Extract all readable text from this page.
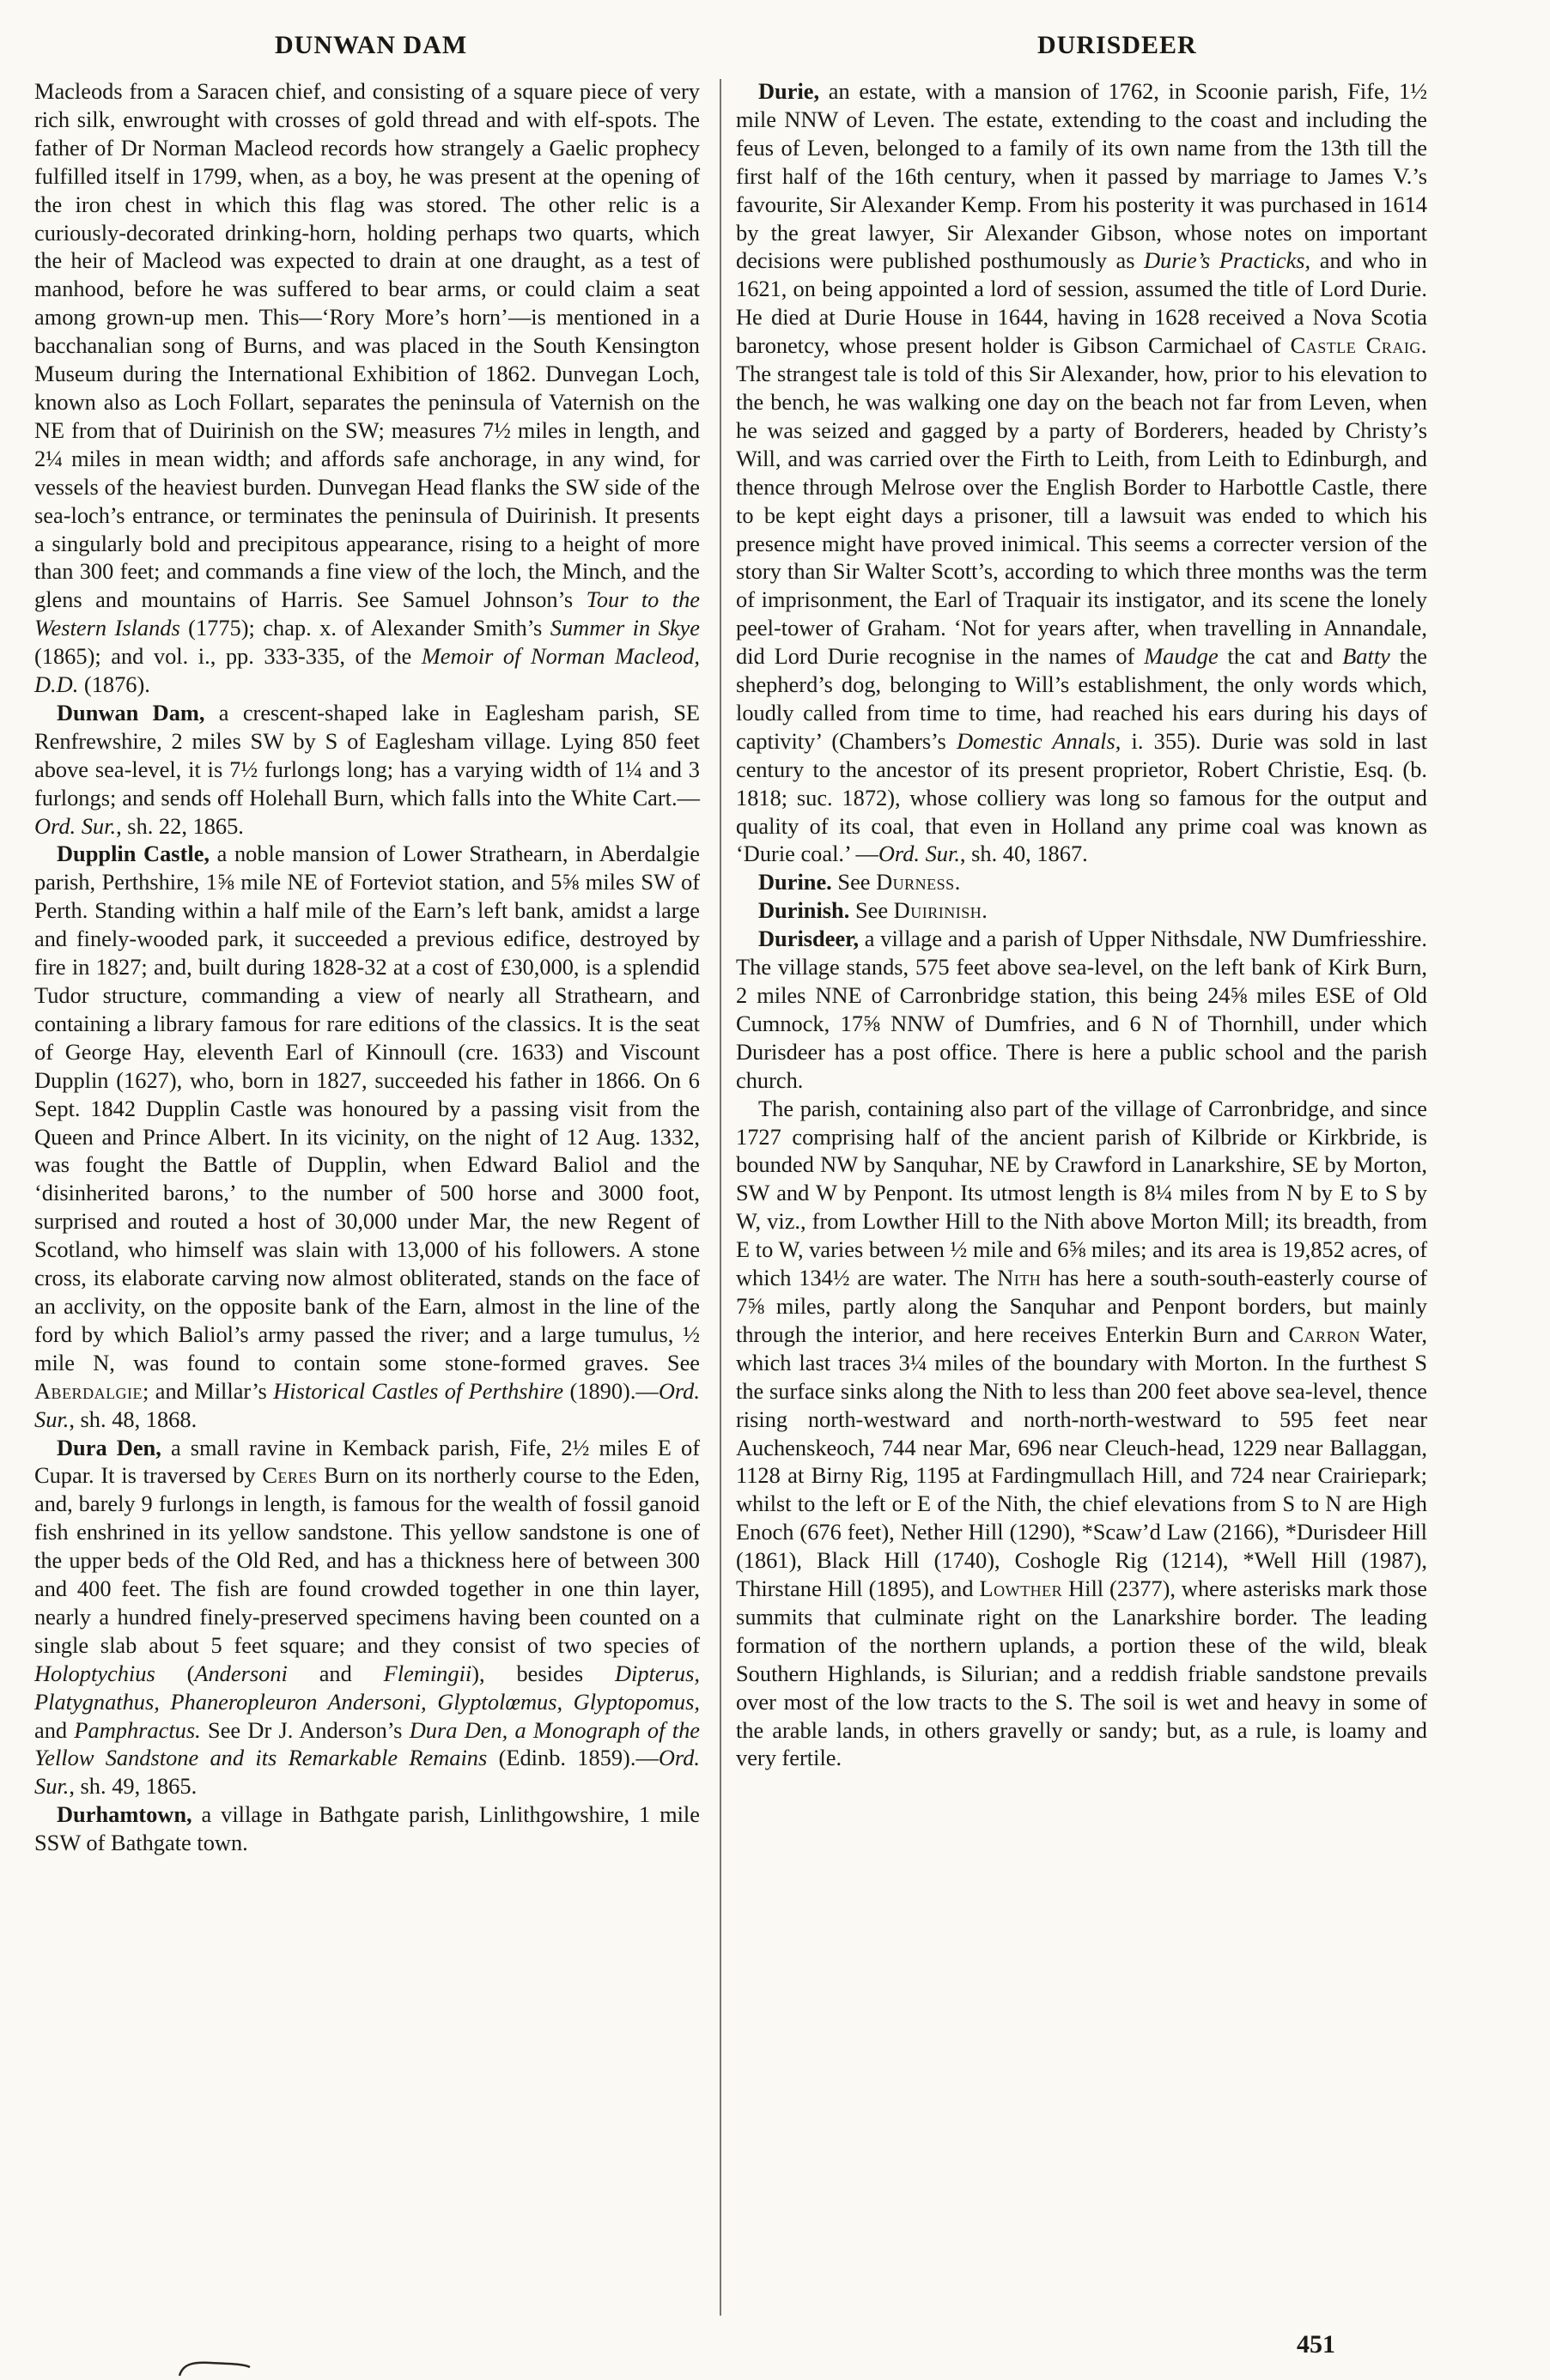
DUNWAN DAM	DURISDEER

Macleods from a Saracen chief, and consisting of a square piece of very rich silk, enwrought with crosses of gold thread and with elf-spots. The father of Dr Norman Macleod records how strangely a Gaelic prophecy fulfilled itself in 1799, when, as a boy, he was present at the opening of the iron chest in which this flag was stored. The other relic is a curiously-decorated drinking-horn, holding perhaps two quarts, which the heir of Macleod was expected to drain at one draught, as a test of manhood, before he was suffered to bear arms, or could claim a seat among grown-up men. This—‘Rory More’s horn’—is mentioned in a bacchanalian song of Burns, and was placed in the South Kensington Museum during the International Exhibition of 1862. Dunvegan Loch, known also as Loch Follart, separates the peninsula of Vaternish on the NE from that of Duirinish on the SW; measures 7½ miles in length, and 2¼ miles in mean width; and affords safe anchorage, in any wind, for vessels of the heaviest burden. Dunvegan Head flanks the SW side of the sea-loch’s entrance, or terminates the peninsula of Duirinish. It presents a singularly bold and precipitous appearance, rising to a height of more than 300 feet; and commands a fine view of the loch, the Minch, and the glens and mountains of Harris. See Samuel Johnson’s Tour to the Western Islands (1775); chap. x. of Alexander Smith’s Summer in Skye (1865); and vol. i., pp. 333-335, of the Memoir of Norman Macleod, D.D. (1876).

Dunwan Dam, a crescent-shaped lake in Eaglesham parish, SE Renfrewshire, 2 miles SW by S of Eaglesham village. Lying 850 feet above sea-level, it is 7½ furlongs long; has a varying width of 1¼ and 3 furlongs; and sends off Holehall Burn, which falls into the White Cart.—Ord. Sur., sh. 22, 1865.

Dupplin Castle, a noble mansion of Lower Strathearn, in Aberdalgie parish, Perthshire, 1⅝ mile NE of Forteviot station, and 5⅝ miles SW of Perth. Standing within a half mile of the Earn’s left bank, amidst a large and finely-wooded park, it succeeded a previous edifice, destroyed by fire in 1827; and, built during 1828-32 at a cost of £30,000, is a splendid Tudor structure, commanding a view of nearly all Strathearn, and containing a library famous for rare editions of the classics. It is the seat of George Hay, eleventh Earl of Kinnoull (cre. 1633) and Viscount Dupplin (1627), who, born in 1827, succeeded his father in 1866. On 6 Sept. 1842 Dupplin Castle was honoured by a passing visit from the Queen and Prince Albert. In its vicinity, on the night of 12 Aug. 1332, was fought the Battle of Dupplin, when Edward Baliol and the ‘disinherited barons,’ to the number of 500 horse and 3000 foot, surprised and routed a host of 30,000 under Mar, the new Regent of Scotland, who himself was slain with 13,000 of his followers. A stone cross, its elaborate carving now almost obliterated, stands on the face of an acclivity, on the opposite bank of the Earn, almost in the line of the ford by which Baliol’s army passed the river; and a large tumulus, ½ mile N, was found to contain some stone-formed graves. See Aberdalgie; and Millar’s Historical Castles of Perthshire (1890).—Ord. Sur., sh. 48, 1868.

Dura Den, a small ravine in Kemback parish, Fife, 2½ miles E of Cupar. It is traversed by Ceres Burn on its northerly course to the Eden, and, barely 9 furlongs in length, is famous for the wealth of fossil ganoid fish enshrined in its yellow sandstone. This yellow sandstone is one of the upper beds of the Old Red, and has a thickness here of between 300 and 400 feet. The fish are found crowded together in one thin layer, nearly a hundred finely-preserved specimens having been counted on a single slab about 5 feet square; and they consist of two species of Holoptychius (Andersoni and Flemingii), besides Dipterus, Platygnathus, Phaneropleuron Andersoni, Glyptolœmus, Glyptopomus, and Pamphractus. See Dr J. Anderson’s Dura Den, a Monograph of the Yellow Sandstone and its Remarkable Remains (Edinb. 1859).—Ord. Sur., sh. 49, 1865.

Durhamtown, a village in Bathgate parish, Linlithgowshire, 1 mile SSW of Bathgate town.

Durie, an estate, with a mansion of 1762, in Scoonie parish, Fife, 1½ mile NNW of Leven. The estate, extending to the coast and including the feus of Leven, belonged to a family of its own name from the 13th till the first half of the 16th century, when it passed by marriage to James V.’s favourite, Sir Alexander Kemp. From his posterity it was purchased in 1614 by the great lawyer, Sir Alexander Gibson, whose notes on important decisions were published posthumously as Durie’s Practicks, and who in 1621, on being appointed a lord of session, assumed the title of Lord Durie. He died at Durie House in 1644, having in 1628 received a Nova Scotia baronetcy, whose present holder is Gibson Carmichael of Castle Craig. The strangest tale is told of this Sir Alexander, how, prior to his elevation to the bench, he was walking one day on the beach not far from Leven, when he was seized and gagged by a party of Borderers, headed by Christy’s Will, and was carried over the Firth to Leith, from Leith to Edinburgh, and thence through Melrose over the English Border to Harbottle Castle, there to be kept eight days a prisoner, till a lawsuit was ended to which his presence might have proved inimical. This seems a correcter version of the story than Sir Walter Scott’s, according to which three months was the term of imprisonment, the Earl of Traquair its instigator, and its scene the lonely peel-tower of Graham. ‘Not for years after, when travelling in Annandale, did Lord Durie recognise in the names of Maudge the cat and Batty the shepherd’s dog, belonging to Will’s establishment, the only words which, loudly called from time to time, had reached his ears during his days of captivity’ (Chambers’s Domestic Annals, i. 355). Durie was sold in last century to the ancestor of its present proprietor, Robert Christie, Esq. (b. 1818; suc. 1872), whose colliery was long so famous for the output and quality of its coal, that even in Holland any prime coal was known as ‘Durie coal.’ —Ord. Sur., sh. 40, 1867.

Durine. See Durness.

Durinish. See Duirinish.

Durisdeer, a village and a parish of Upper Nithsdale, NW Dumfriesshire. The village stands, 575 feet above sea-level, on the left bank of Kirk Burn, 2 miles NNE of Carronbridge station, this being 24⅝ miles ESE of Old Cumnock, 17⅝ NNW of Dumfries, and 6 N of Thornhill, under which Durisdeer has a post office. There is here a public school and the parish church.

The parish, containing also part of the village of Carronbridge, and since 1727 comprising half of the ancient parish of Kilbride or Kirkbride, is bounded NW by Sanquhar, NE by Crawford in Lanarkshire, SE by Morton, SW and W by Penpont. Its utmost length is 8¼ miles from N by E to S by W, viz., from Lowther Hill to the Nith above Morton Mill; its breadth, from E to W, varies between ½ mile and 6⅝ miles; and its area is 19,852 acres, of which 134½ are water. The Nith has here a south-south-easterly course of 7⅝ miles, partly along the Sanquhar and Penpont borders, but mainly through the interior, and here receives Enterkin Burn and Carron Water, which last traces 3¼ miles of the boundary with Morton. In the furthest S the surface sinks along the Nith to less than 200 feet above sea-level, thence rising north-westward and north-north-westward to 595 feet near Auchenskeoch, 744 near Mar, 696 near Cleuch-head, 1229 near Ballaggan, 1128 at Birny Rig, 1195 at Fardingmullach Hill, and 724 near Crairiepark; whilst to the left or E of the Nith, the chief elevations from S to N are High Enoch (676 feet), Nether Hill (1290), *Scaw’d Law (2166), *Durisdeer Hill (1861), Black Hill (1740), Coshogle Rig (1214), *Well Hill (1987), Thirstane Hill (1895), and Lowther Hill (2377), where asterisks mark those summits that culminate right on the Lanarkshire border. The leading formation of the northern uplands, a portion these of the wild, bleak Southern Highlands, is Silurian; and a reddish friable sandstone prevails over most of the low tracts to the S. The soil is wet and heavy in some of the arable lands, in others gravelly or sandy; but, as a rule, is loamy and very fertile.

451
